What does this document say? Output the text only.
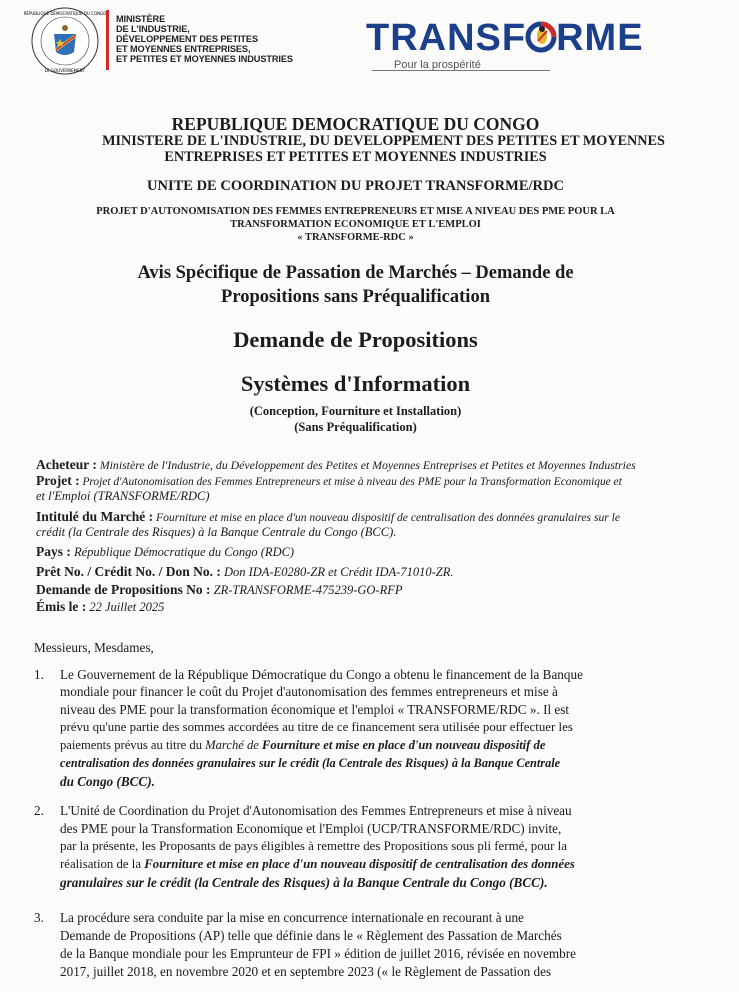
RÉPUBLIQUE DÉMOCRATIQUE DU CONGO
LE GOUVERNEMENT
MINISTÈRE
DE L'INDUSTRIE,
DÉVELOPPEMENT DES PETITES
ET MOYENNES ENTREPRISES,
ET PETITES ET MOYENNES INDUSTRIES TRANSF RME
Pour la prospérité
REPUBLIQUE DEMOCRATIQUE DU CONGO
MINISTERE DE L'INDUSTRIE, DU DEVELOPPEMENT DES PETITES ET MOYENNES
ENTREPRISES ET PETITES ET MOYENNES INDUSTRIES
UNITE DE COORDINATION DU PROJET TRANSFORME/RDC
PROJET D'AUTONOMISATION DES FEMMES ENTREPRENEURS ET MISE A NIVEAU DES PME POUR LA
TRANSFORMATION ECONOMIQUE ET L'EMPLOI
« TRANSFORME-RDC »
Avis Spécifique de Passation de Marchés – Demande de
Propositions sans Préqualification
Demande de Propositions
Systèmes d'Information
(Conception, Fourniture et Installation)
(Sans Préqualification)
Acheteur : Ministère de l'Industrie, du Développement des Petites et Moyennes Entreprises et Petites et Moyennes Industries
Projet : Projet d'Autonomisation des Femmes Entrepreneurs et mise à niveau des PME pour la Transformation Economique et
et l'Emploi (TRANSFORME/RDC)
Intitulé du Marché : Fourniture et mise en place d'un nouveau dispositif de centralisation des données granulaires sur le
crédit (la Centrale des Risques) à la Banque Centrale du Congo (BCC).
Pays : République Démocratique du Congo (RDC)
Prêt No. / Crédit No. / Don No. : Don IDA-E0280-ZR et Crédit IDA-71010-ZR.
Demande de Propositions No : ZR-TRANSFORME-475239-GO-RFP
Émis le : 22 Juillet 2025
Messieurs, Mesdames,
1. Le Gouvernement de la République Démocratique du Congo a obtenu le financement de la Banque
mondiale pour financer le coût du Projet d'autonomisation des femmes entrepreneurs et mise à
niveau des PME pour la transformation économique et l'emploi « TRANSFORME/RDC ». Il est
prévu qu'une partie des sommes accordées au titre de ce financement sera utilisée pour effectuer les
paiements prévus au titre du Marché de Fourniture et mise en place d'un nouveau dispositif de
centralisation des données granulaires sur le crédit (la Centrale des Risques) à la Banque Centrale
du Congo (BCC).
2. L'Unité de Coordination du Projet d'Autonomisation des Femmes Entrepreneurs et mise à niveau
des PME pour la Transformation Economique et l'Emploi (UCP/TRANSFORME/RDC) invite,
par la présente, les Proposants de pays éligibles à remettre des Propositions sous pli fermé, pour la
réalisation de la Fourniture et mise en place d'un nouveau dispositif de centralisation des données
granulaires sur le crédit (la Centrale des Risques) à la Banque Centrale du Congo (BCC).
3. La procédure sera conduite par la mise en concurrence internationale en recourant à une
Demande de Propositions (AP) telle que définie dans le « Règlement des Passation de Marchés
de la Banque mondiale pour les Emprunteur de FPI » édition de juillet 2016, révisée en novembre
2017, juillet 2018, en novembre 2020 et en septembre 2023 (« le Règlement de Passation des
